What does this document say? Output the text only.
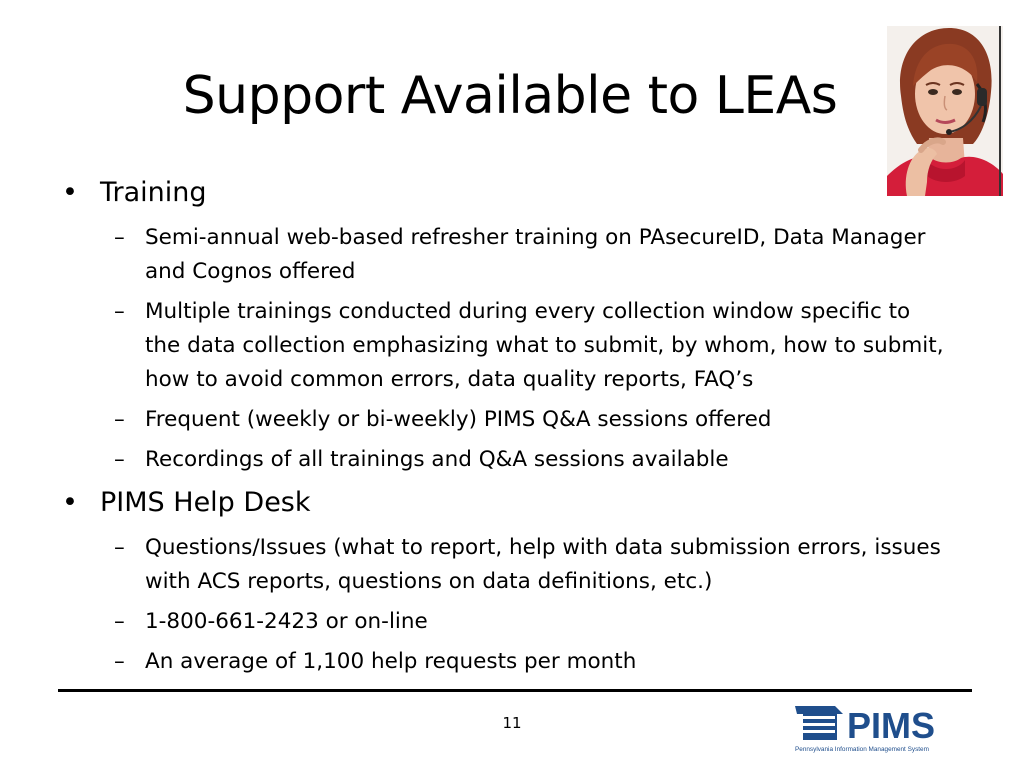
Support Available to LEAs
• Training
– Semi-annual web-based refresher training on PAsecureID, Data Manager and Cognos offered
– Multiple trainings conducted during every collection window specific to the data collection emphasizing what to submit, by whom, how to submit, how to avoid common errors, data quality reports, FAQ’s
– Frequent (weekly or bi-weekly) PIMS Q&A sessions offered
– Recordings of all trainings and Q&A sessions available
• PIMS Help Desk
– Questions/Issues (what to report, help with data submission errors, issues with ACS reports, questions on data definitions, etc.)
– 1-800-661-2423 or on-line
– An average of 1,100 help requests per month
11	PIMS
Pennsylvania Information Management System
